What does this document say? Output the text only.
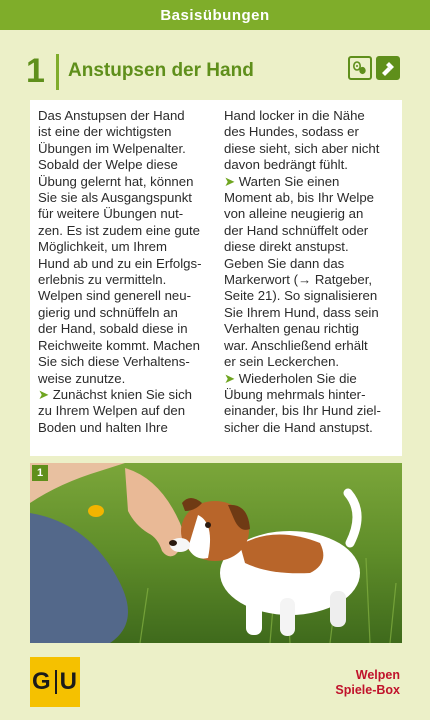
Basisübungen
1 Anstupsen der Hand

Das Anstupsen der Hand
ist eine der wichtigsten
Übungen im Welpenalter.
Sobald der Welpe diese
Übung gelernt hat, können
Sie sie als Ausgangspunkt
für weitere Übungen nut-
zen. Es ist zudem eine gute
Möglichkeit, um Ihrem
Hund ab und zu ein Erfolgs-
erlebnis zu vermitteln.
Welpen sind generell neu-
gierig und schnüffeln an
der Hand, sobald diese in
Reichweite kommt. Machen
Sie sich diese Verhaltens-
weise zunutze.
➤ Zunächst knien Sie sich
zu Ihrem Welpen auf den
Boden und halten Ihre

Hand locker in die Nähe
des Hundes, sodass er
diese sieht, sich aber nicht
davon bedrängt fühlt.
➤ Warten Sie einen
Moment ab, bis Ihr Welpe
von alleine neugierig an
der Hand schnüffelt oder
diese direkt anstupst.
Geben Sie dann das
Markerwort (→ Ratgeber,
Seite 21). So signalisieren
Sie Ihrem Hund, dass sein
Verhalten genau richtig
war. Anschließend erhält
er sein Leckerchen.
➤ Wiederholen Sie die
Übung mehrmals hinter-
einander, bis Ihr Hund ziel-
sicher die Hand anstupst.

1
G U	Welpen
Spiele-Box
